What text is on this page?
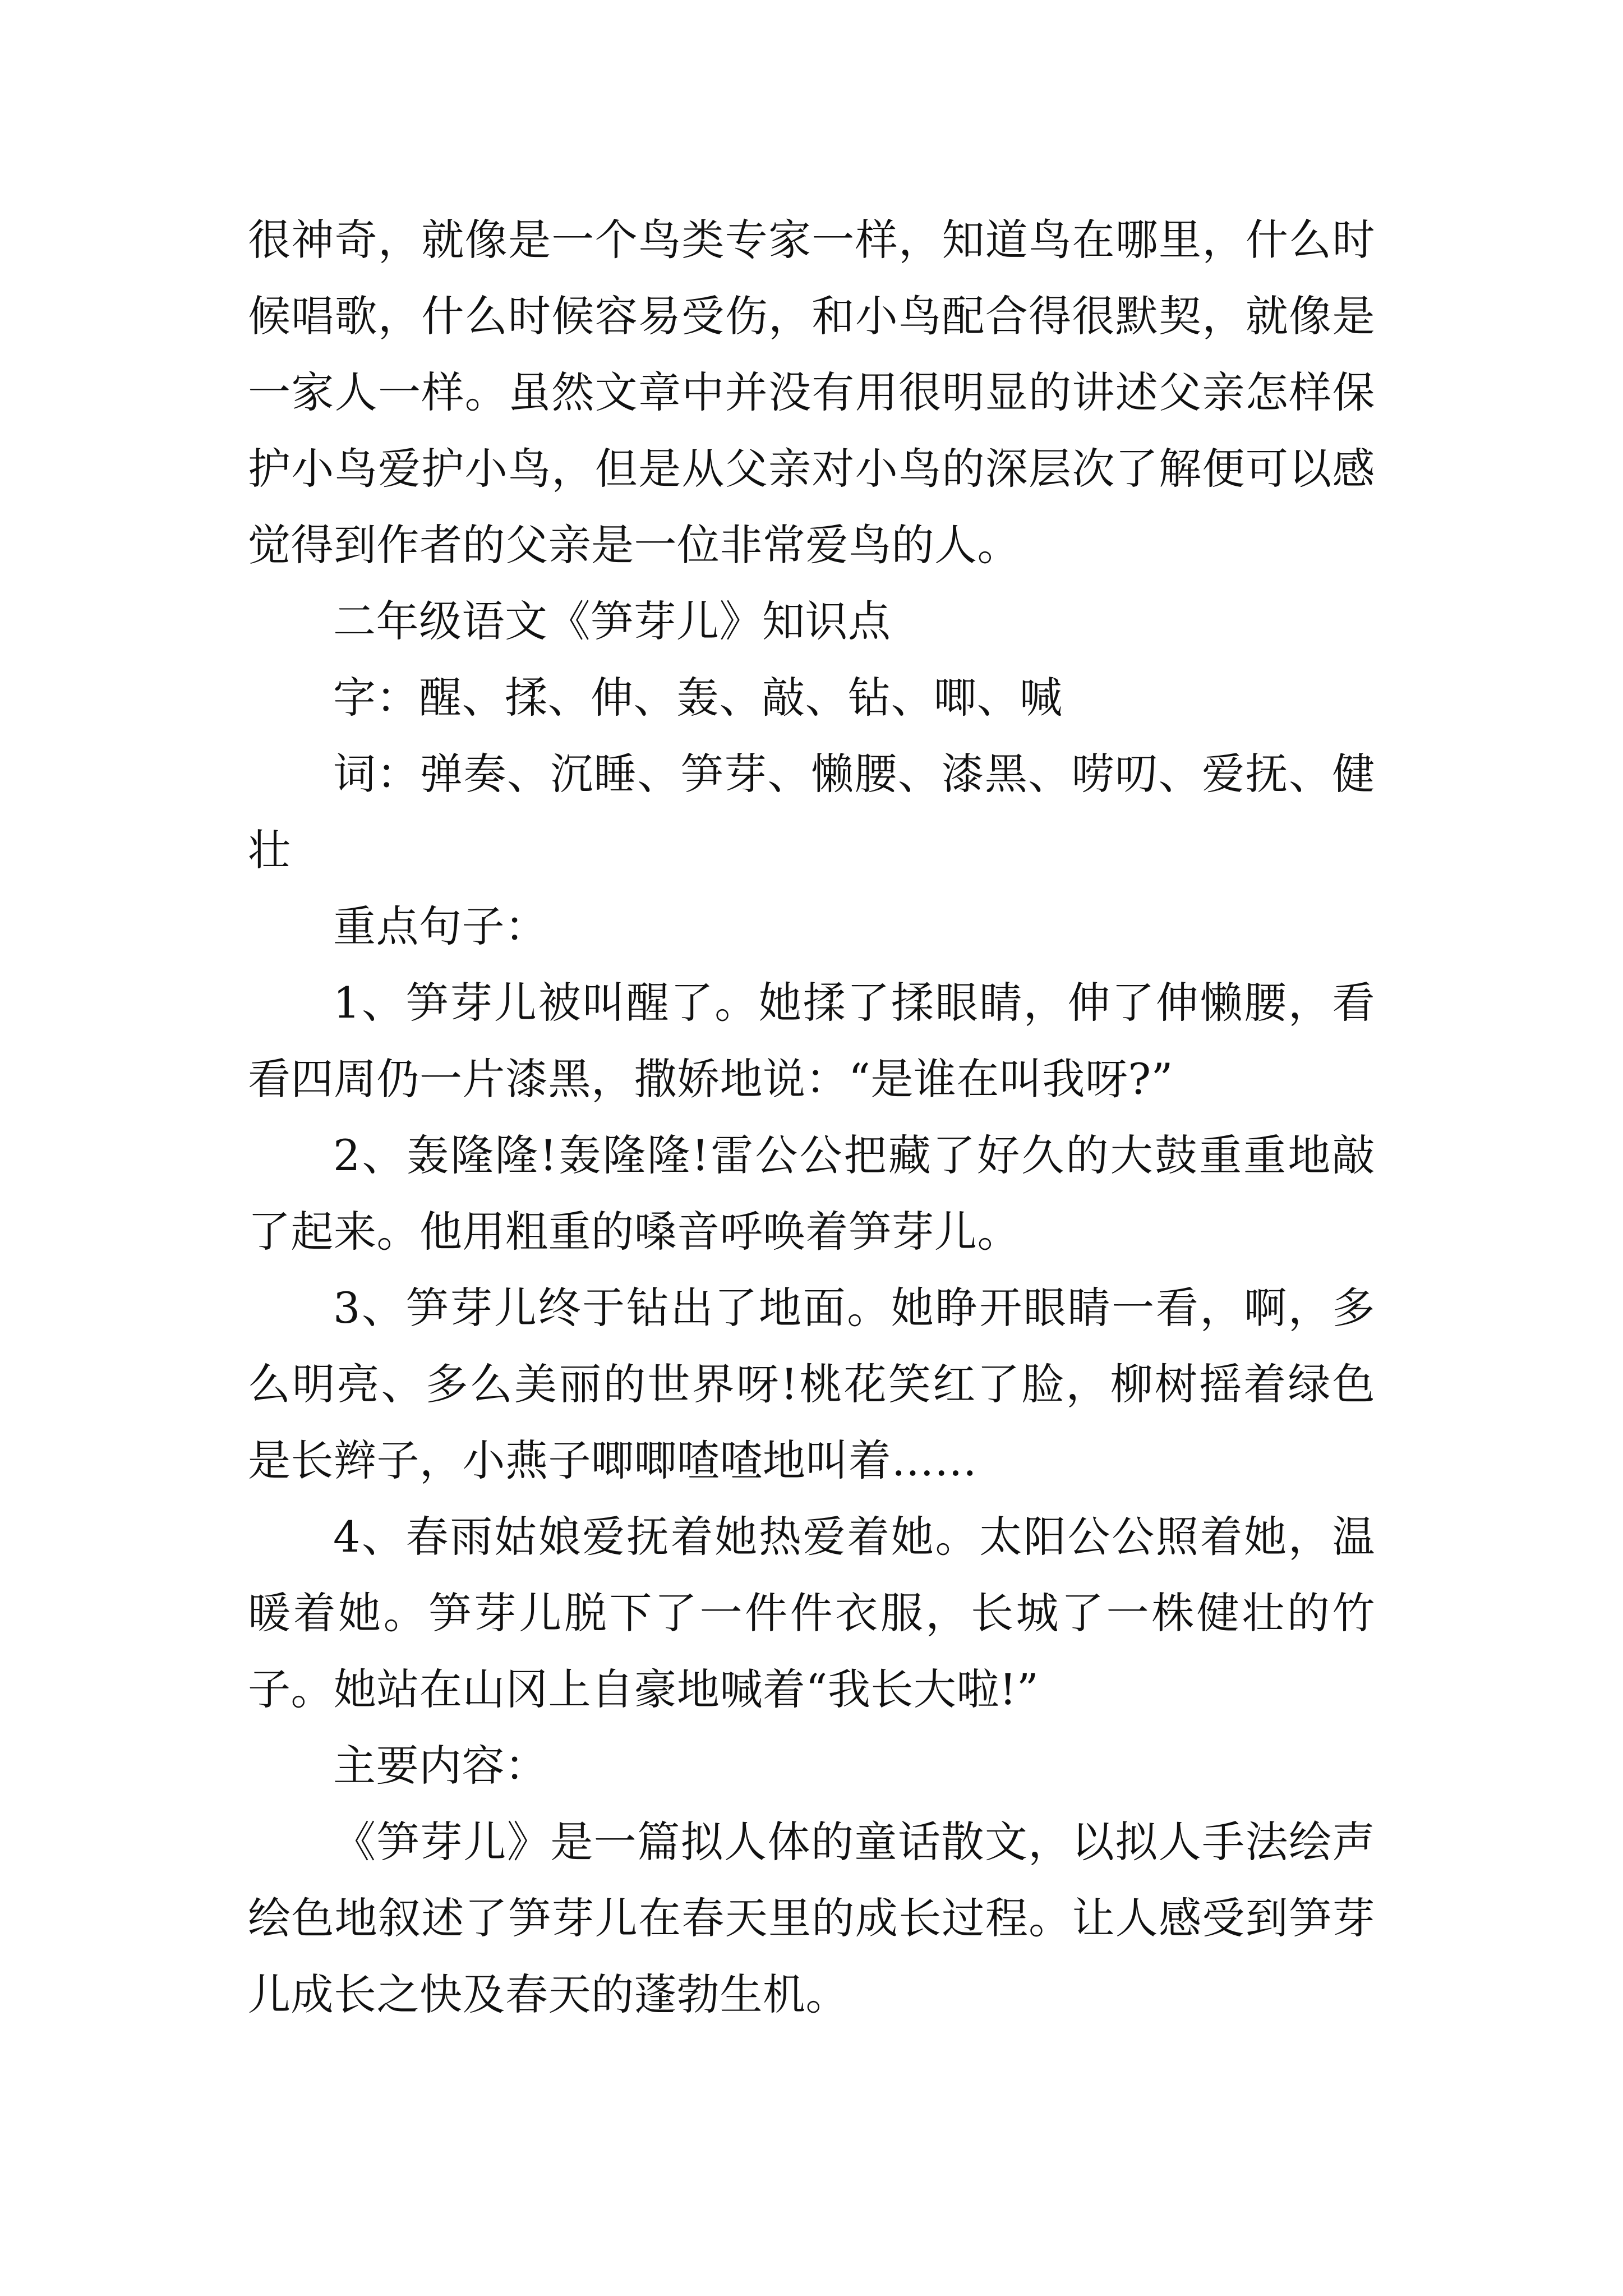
很神奇，就像是一个鸟类专家一样，知道鸟在哪里，什么时候唱歌，什么时候容易受伤，和小鸟配合得很默契，就像是一家人一样。虽然文章中并没有用很明显的讲述父亲怎样保护小鸟爱护小鸟，但是从父亲对小鸟的深层次了解便可以感觉得到作者的父亲是一位非常爱鸟的人。

二年级语文《笋芽儿》知识点

字：醒、揉、伸、轰、敲、钻、唧、喊

词：弹奏、沉睡、笋芽、懒腰、漆黑、唠叨、爱抚、健壮

重点句子：

1、笋芽儿被叫醒了。她揉了揉眼睛，伸了伸懒腰，看看四周仍一片漆黑，撒娇地说：“是谁在叫我呀?”

2、轰隆隆!轰隆隆!雷公公把藏了好久的大鼓重重地敲了起来。他用粗重的嗓音呼唤着笋芽儿。

3、笋芽儿终于钻出了地面。她睁开眼睛一看，啊，多么明亮、多么美丽的世界呀!桃花笑红了脸，柳树摇着绿色是长辫子，小燕子唧唧喳喳地叫着……

4、春雨姑娘爱抚着她热爱着她。太阳公公照着她，温暖着她。笋芽儿脱下了一件件衣服，长城了一株健壮的竹子。她站在山冈上自豪地喊着“我长大啦!”

主要内容：

《笋芽儿》是一篇拟人体的童话散文，以拟人手法绘声绘色地叙述了笋芽儿在春天里的成长过程。让人感受到笋芽儿成长之快及春天的蓬勃生机。
